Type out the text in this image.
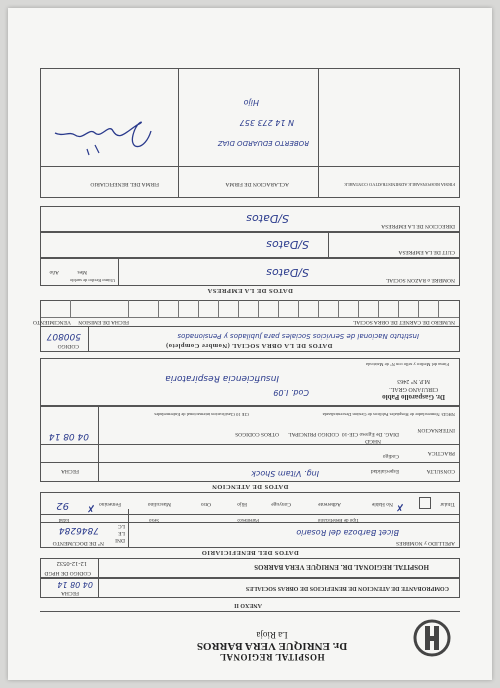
HOSPITAL REGIONAL
Dr. ENRIQUE VERA BARROS
La Rioja
ANEXO II
COMPROBANTE DE ATENCION DE BENEFICIOS DE OBRAS SOCIALES
FECHA
04 08 14
HOSPITAL REGIONAL DR. ENRIQUE VERA BARROS
CODIGO DE HPGD
12-12-0532
DATOS DEL BENEFICIARIO
APELLIDO y NOMBRES
Bicet Barboza del Rosario
DNI
LE
LC
N° DE DOCUMENTO
7846284
Tipo de Beneficiario
Parentesco
Sexo
Edad
Titular
✗
No Hable
Adherente
Conyuge
Hijo
Otro
Masculino
Femenino
✗
92
DATOS DE ATENCION
CONSULTA
Especialidad
Ing. Vitam Shock
FECHA
PRACTICA
Codigo
INTERNACION
NHGD
DIAG. De Egreso CIE-10
CODIGO PRINCIPAL
OTROS CODIGOS
04 08 14
NHGD: Nomenclador de Hospitales Publicos de Gestion Descentralizada
CIE 10 Clasificacion internacional de Enfermedades
Dr. Gasparollo Pablo
CIRUJANO GRAL.
M.P. N° 2463
Cod. I.09
Insuficiencia Respiratoria
Firma del Medico y sello con N° de Matricula
DATOS DE LA OBRA SOCIAL (Nombre Completo)
CODIGO
Instituto Nacional de Servicios Sociales para Jubilados y Pensionados
500807
NUMERO DE CARNET DE OBRA SOCIAL
FECHA DE EMISION
VENCIMIENTO
DATOS DE LA EMPRESA
NOMBRE o RAZON SOCIAL
S/Datos
Ultimo Recibo de sueldo
Mes
Año
CUIT DE LA EMPRESA
S/Datos
DIRECCION DE LA EMPRESA
S/Datos
FIRMA RESPONSABLE ADMINISTRATIVO CONTABLE
ACLARACION DE FIRMA
FIRMA DEL BENEFICIARIO
ROBERTO EDUARDO DIAZ
N 14 273 357
Hijo
